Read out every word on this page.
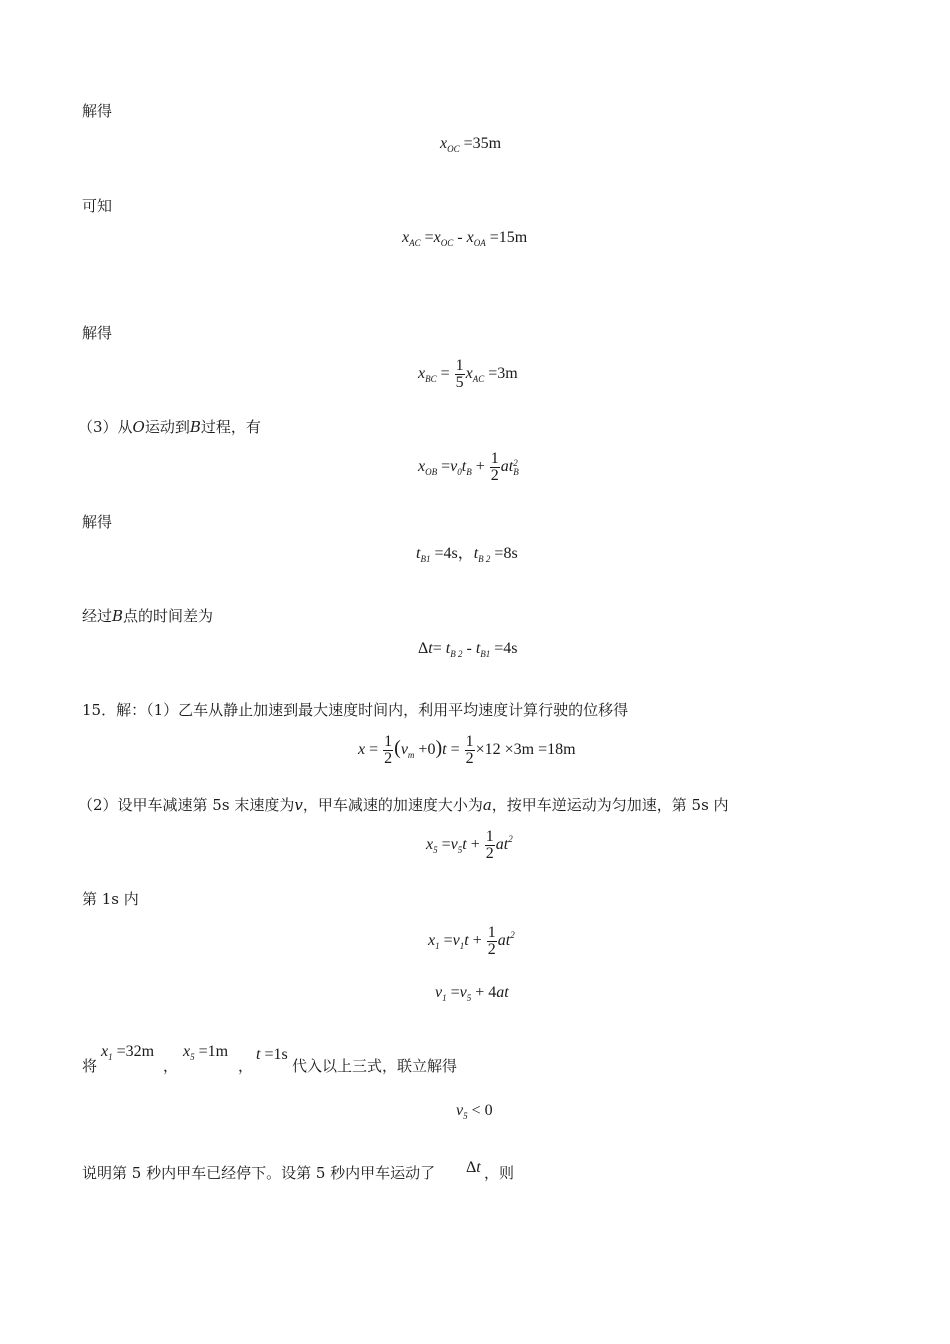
解得
可知
解得
（3）从O运动到B过程，有
解得
经过B点的时间差为
15．解：（1）乙车从静止加速到最大速度时间内，利用平均速度计算行驶的位移得
（2）设甲车减速第 5s 末速度为v，甲车减速的加速度大小为a，按甲车逆运动为匀加速，第 5s 内
第 1s 内
将
$x_1 =32m$
，
$x_5 =1m$
，
t =1s
代入以上三式，联立解得
说明第 5 秒内甲车已经停下。设第 5 秒内甲车运动了 Δt ，则
$x_{OC} =35m$
$x_{AC} =x_{OC} - x_{OA} =15m$
$x_{BC} = \frac{1}{5} x_{AC} =3m$
$x_{OB} =v_0t_B + \frac{1}{2}$ at 2
B
$t_{B1} =4s$，$t_{B 2} =8s$
$\Delta t= t_{B 2} - t_{B1} =4s$
$x = \frac{1}{2} (v_m +0)t = \frac{1}{2} \times 12 \times 3m =18m$
$x_5 =v_5t + \frac{1}{2} at^2$
$x_1 =v_1t + \frac{1}{2} at^2$
$v_1 =v_5 + 4at$
$v_5 < 0$
